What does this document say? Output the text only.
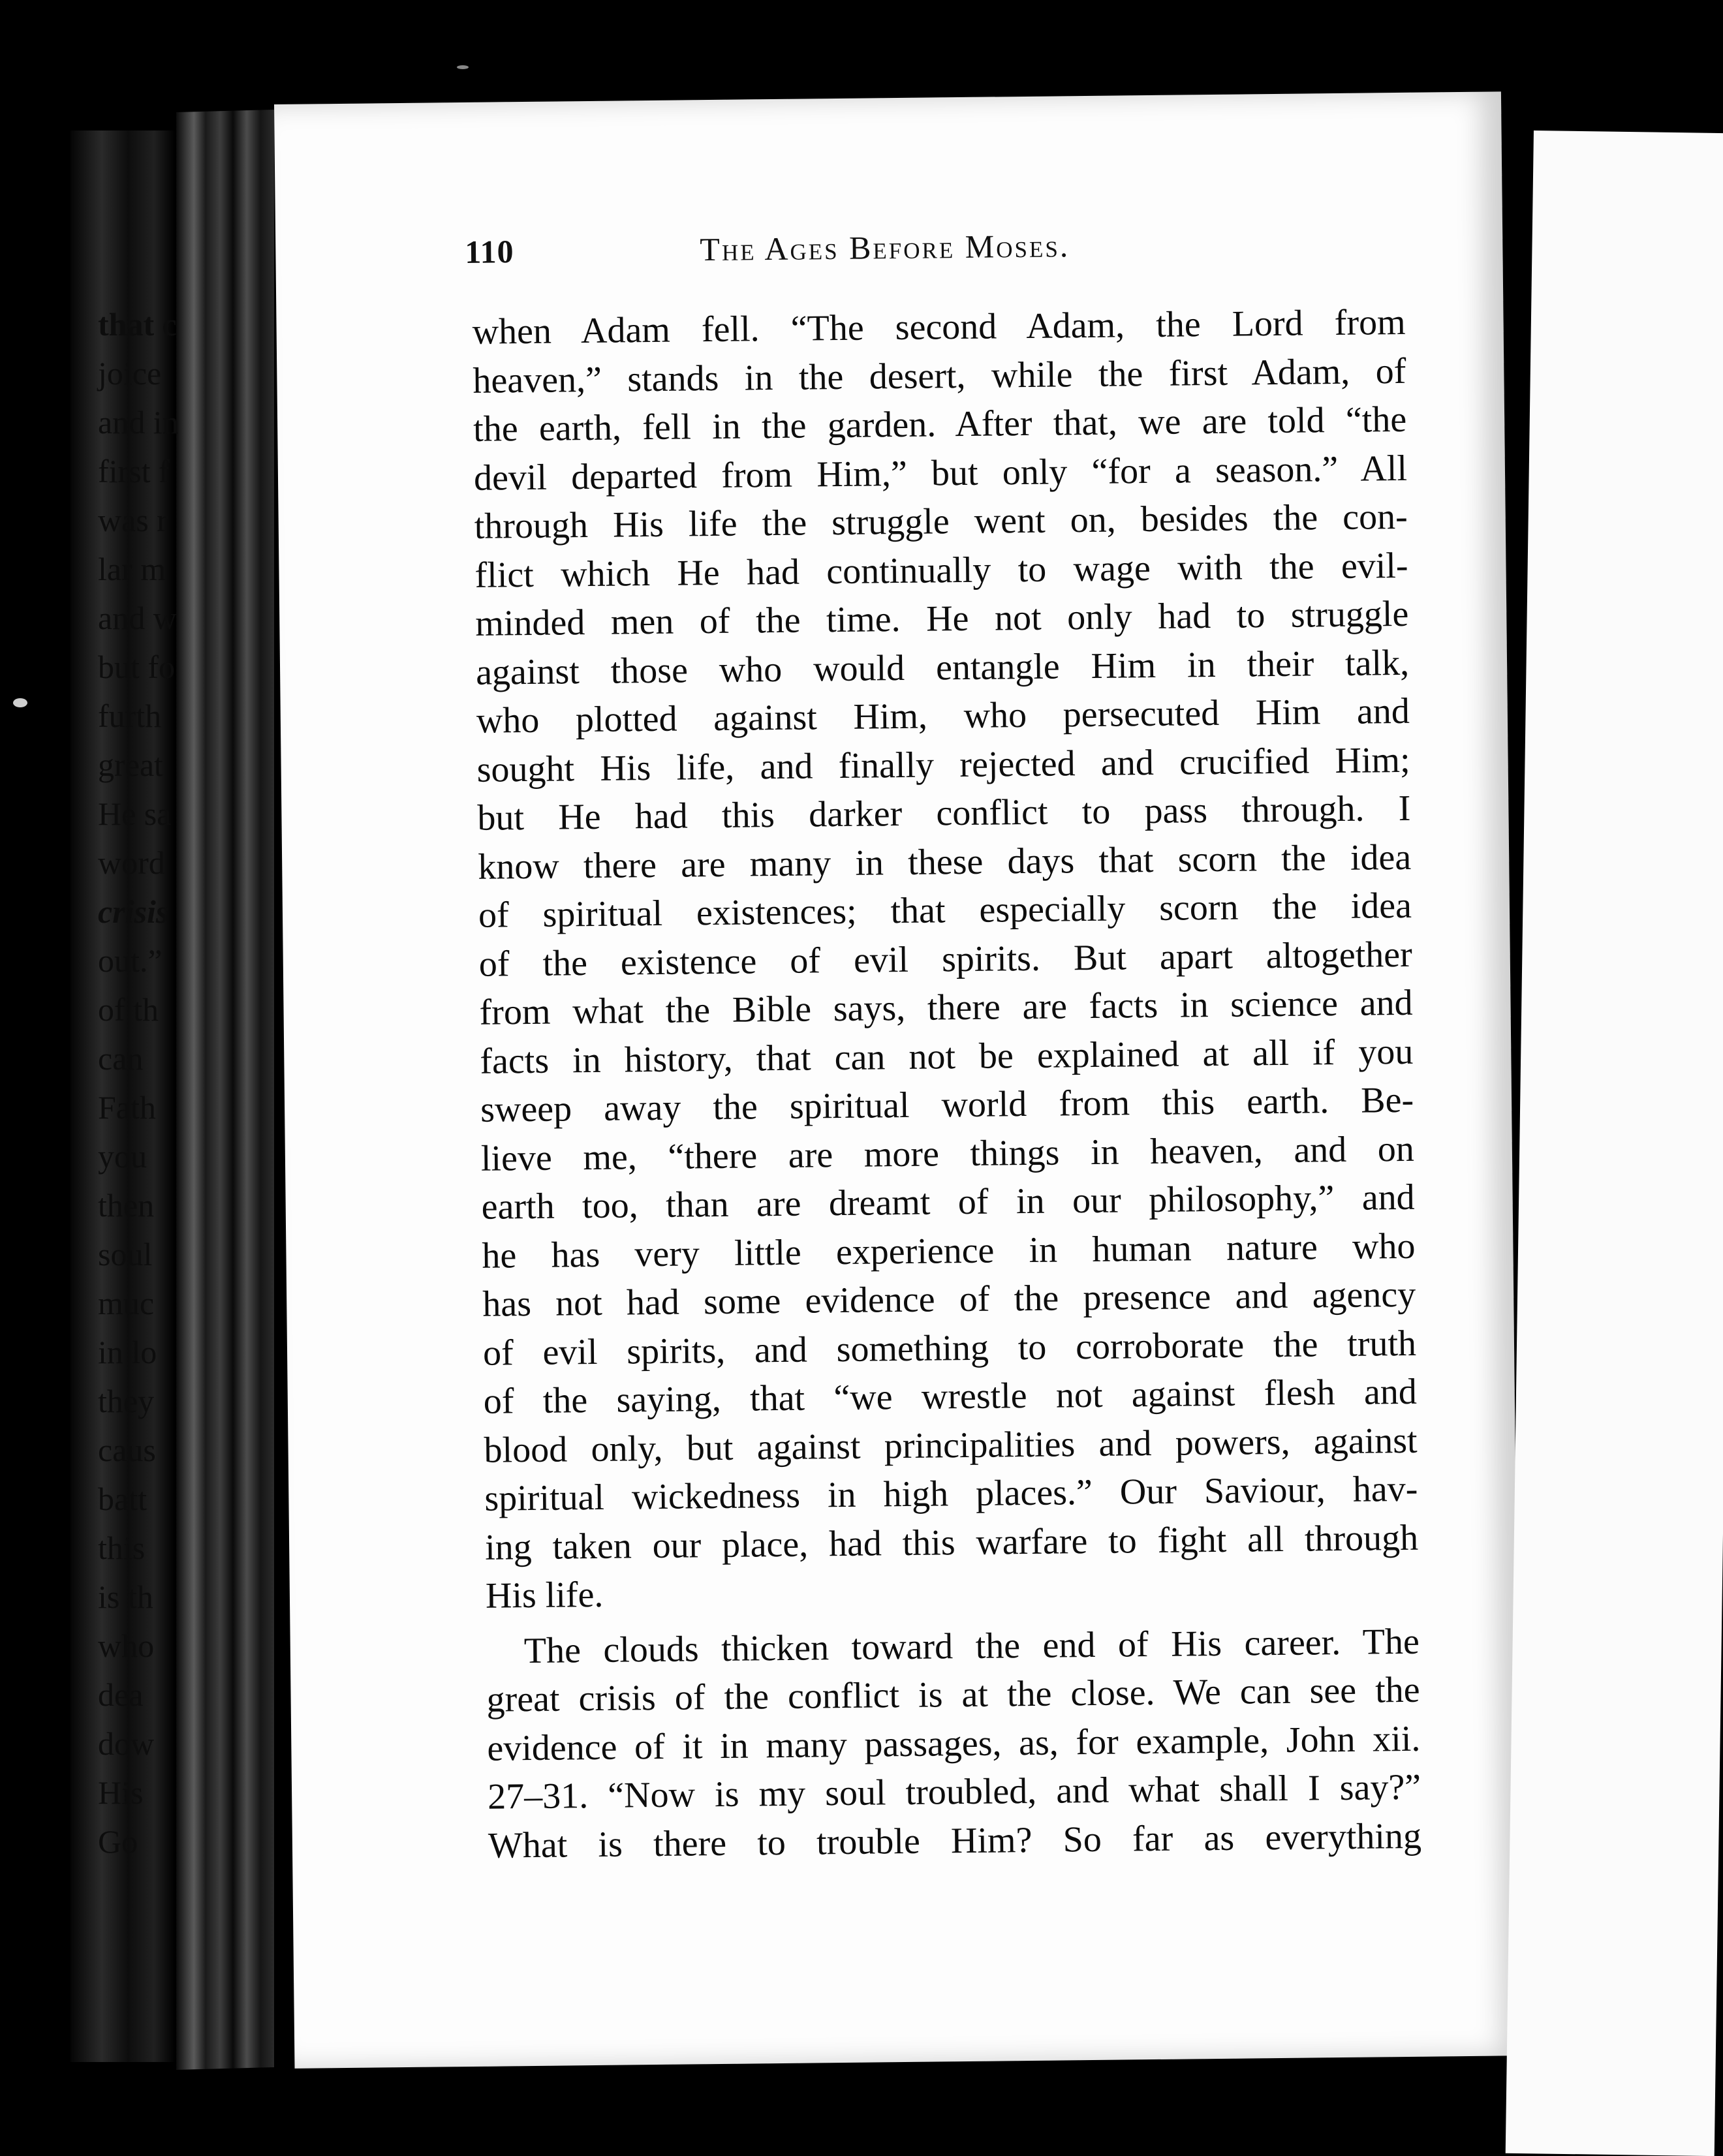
110	The Ages Before Moses.
when Adam fell. “The second Adam, the Lord from
heaven,” stands in the desert, while the first Adam, of
the earth, fell in the garden. After that, we are told “the
devil departed from Him,” but only “for a season.” All
through His life the struggle went on, besides the con-
flict which He had continually to wage with the evil-
minded men of the time. He not only had to struggle
against those who would entangle Him in their talk,
who plotted against Him, who persecuted Him and
sought His life, and finally rejected and crucified Him;
but He had this darker conflict to pass through. I
know there are many in these days that scorn the idea
of spiritual existences; that especially scorn the idea
of the existence of evil spirits. But apart altogether
from what the Bible says, there are facts in science and
facts in history, that can not be explained at all if you
sweep away the spiritual world from this earth. Be-
lieve me, “there are more things in heaven, and on
earth too, than are dreamt of in our philosophy,” and
he has very little experience in human nature who
has not had some evidence of the presence and agency
of evil spirits, and something to corroborate the truth
of the saying, that “we wrestle not against flesh and
blood only, but against principalities and powers, against
spiritual wickedness in high places.” Our Saviour, hav-
ing taken our place, had this warfare to fight all through
His life.
The clouds thicken toward the end of His career. The
great crisis of the conflict is at the close. We can see the
evidence of it in many passages, as, for example, John xii.
27–31. “Now is my soul troubled, and what shall I say?”
What is there to trouble Him? So far as everything
that c
joice
and in
first f
was r
lar m
and w
but fo
furth
great
He sa
word
crisis
out.”
of th
can
Fath
you
then
soul
muc
in lo
they
caus
batt
this
is th
who
dea
dow
His
Go
